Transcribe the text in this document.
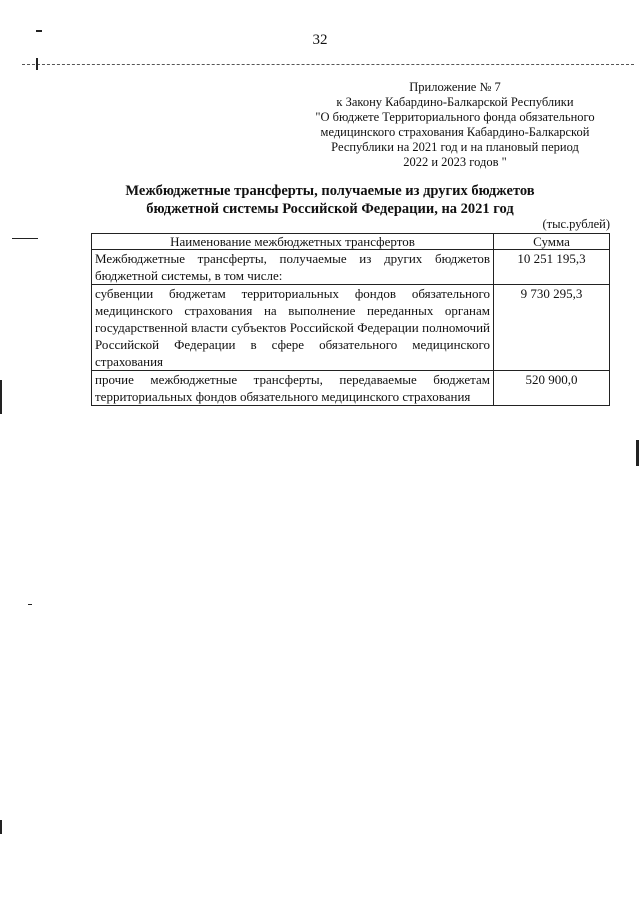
32
Приложение № 7
к Закону Кабардино-Балкарской Республики
"О бюджете Территориального фонда обязательного
медицинского страхования Кабардино-Балкарской
Республики на 2021 год и на плановый период
2022 и 2023 годов "
Межбюджетные трансферты, получаемые из других бюджетов
бюджетной системы Российской Федерации, на 2021 год
(тыс.рублей)
Наименование межбюджетных трансфертов	Сумма
Межбюджетные трансферты, получаемые из других бюджетов бюджетной системы, в том числе:	10 251 195,3
субвенции бюджетам территориальных фондов обязательного медицинского страхования на выполнение переданных органам государственной власти субъектов Российской Федерации полномочий Российской Федерации в сфере обязательного медицинского страхования	9 730 295,3
прочие межбюджетные трансферты, передаваемые бюджетам территориальных фондов обязательного медицинского страхования	520 900,0
